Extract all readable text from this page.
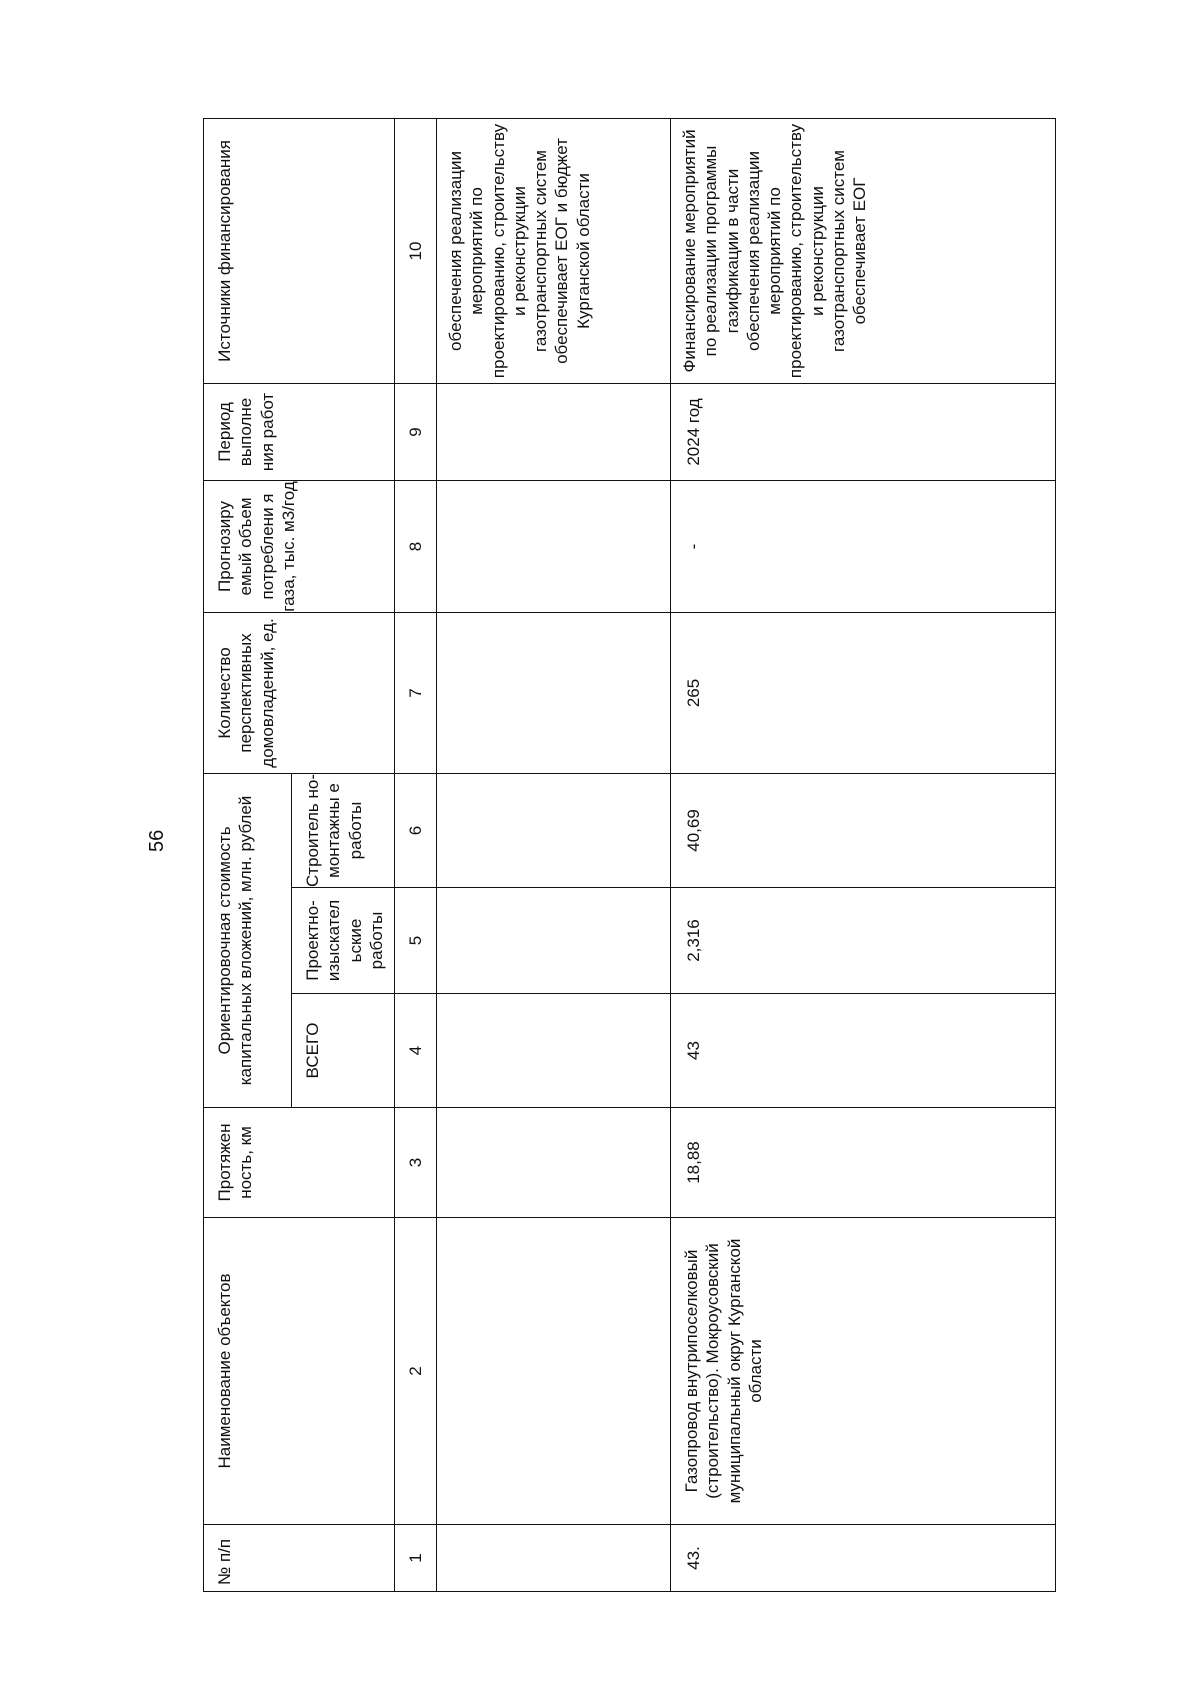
56
№ п/п	Наименование объектов	Протяжен ность, км	Ориентировочная стоимость капитальных вложений, млн. рублей			Количество перспективных домовладений, ед.	Прогнозиру емый объем потреблени я газа, тыс. м3/год	Период выполне ния работ	Источники финансирования
			ВСЕГО	Проектно-изыскател ьские работы	Строитель но-монтажны е работы				
1	2	3	4	5	6	7	8	9	10
									обеспечения реализации мероприятий по проектированию, строительству и реконструкции газотранспортных систем обеспечивает ЕОГ и бюджет Курганской области
43.	Газопровод внутрипоселковый (строительство). Мокроусовский муниципальный округ Курганской области	18,88	43	2,316	40,69	265	-	2024 год	Финансирование мероприятий по реализации программы газификации в части обеспечения реализации мероприятий по проектированию, строительству и реконструкции газотранспортных систем обеспечивает ЕОГ
